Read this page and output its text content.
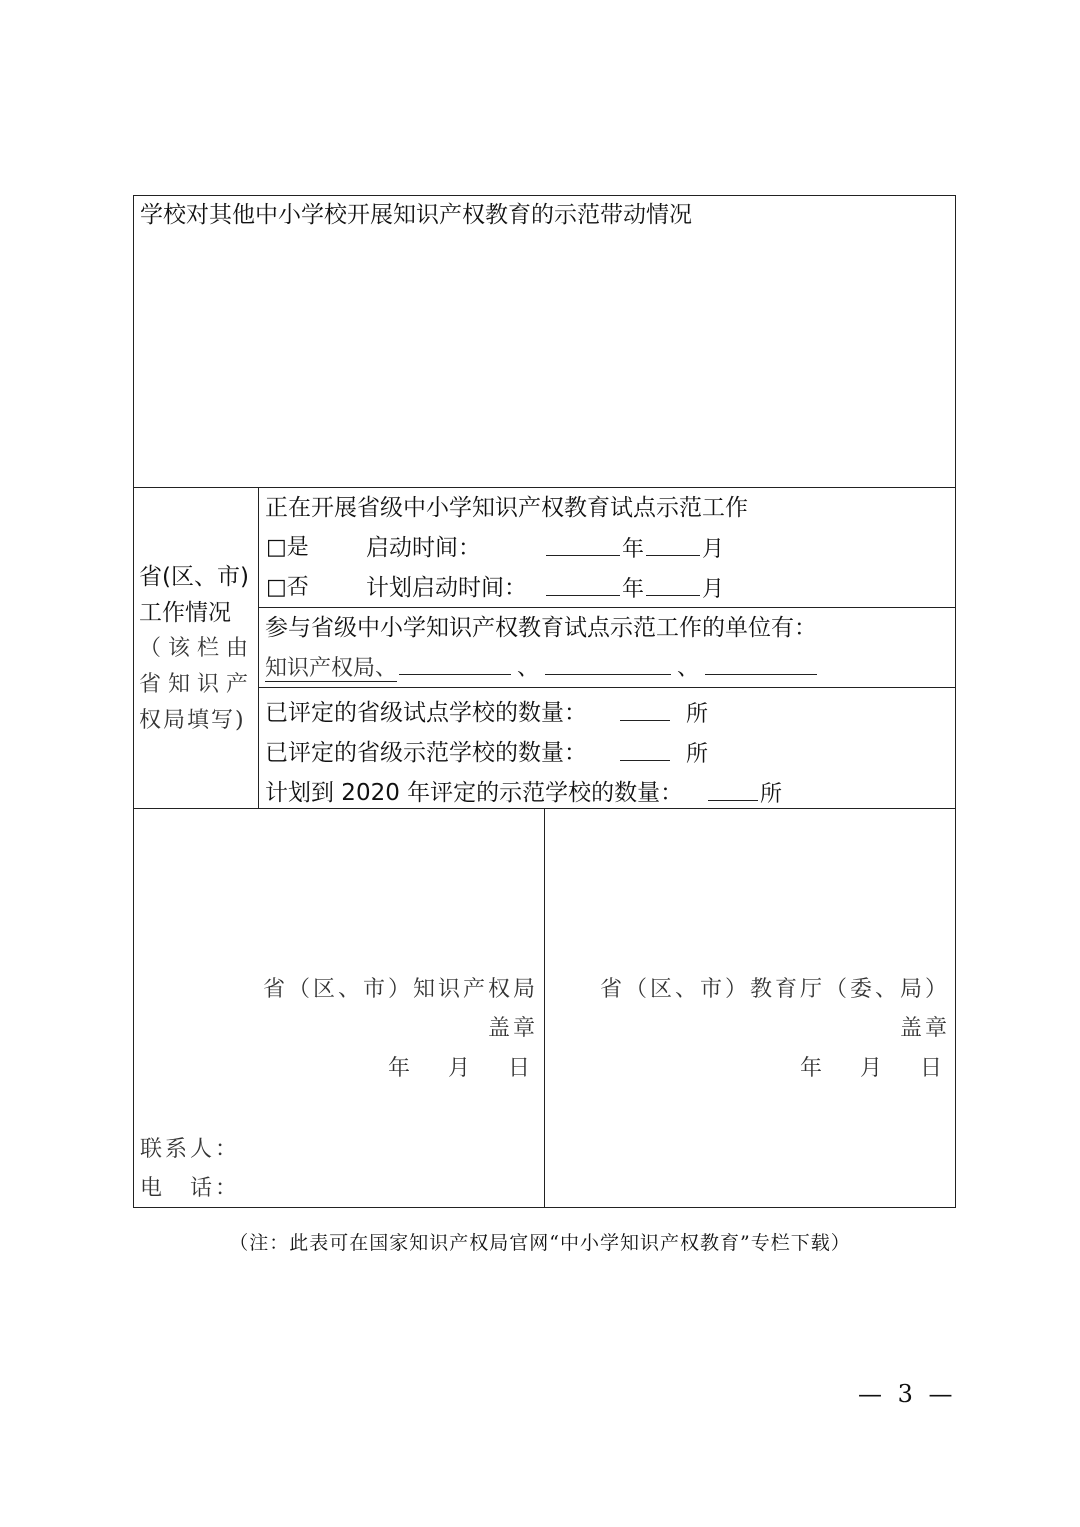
学校对其他中小学校开展知识产权教育的示范带动情况
省(区、市)
工作情况
（该栏由
省知识产
权局填写)
正在开展省级中小学知识产权教育试点示范工作
□是 启动时间：	年	月
□否 计划启动时间：	年	月
参与省级中小学知识产权教育试点示范工作的单位有：
知识产权局、	、	、
已评定的省级试点学校的数量：	所
已评定的省级示范学校的数量：	所
计划到 2020 年评定的示范学校的数量：	所
省（区、市）知识产权局
盖章
年　月　日
省（区、市）教育厅（委、局）
盖章
年　月　日
联系人：
电　话：
（注：此表可在国家知识产权局官网“中小学知识产权教育”专栏下载）
— 3 —
